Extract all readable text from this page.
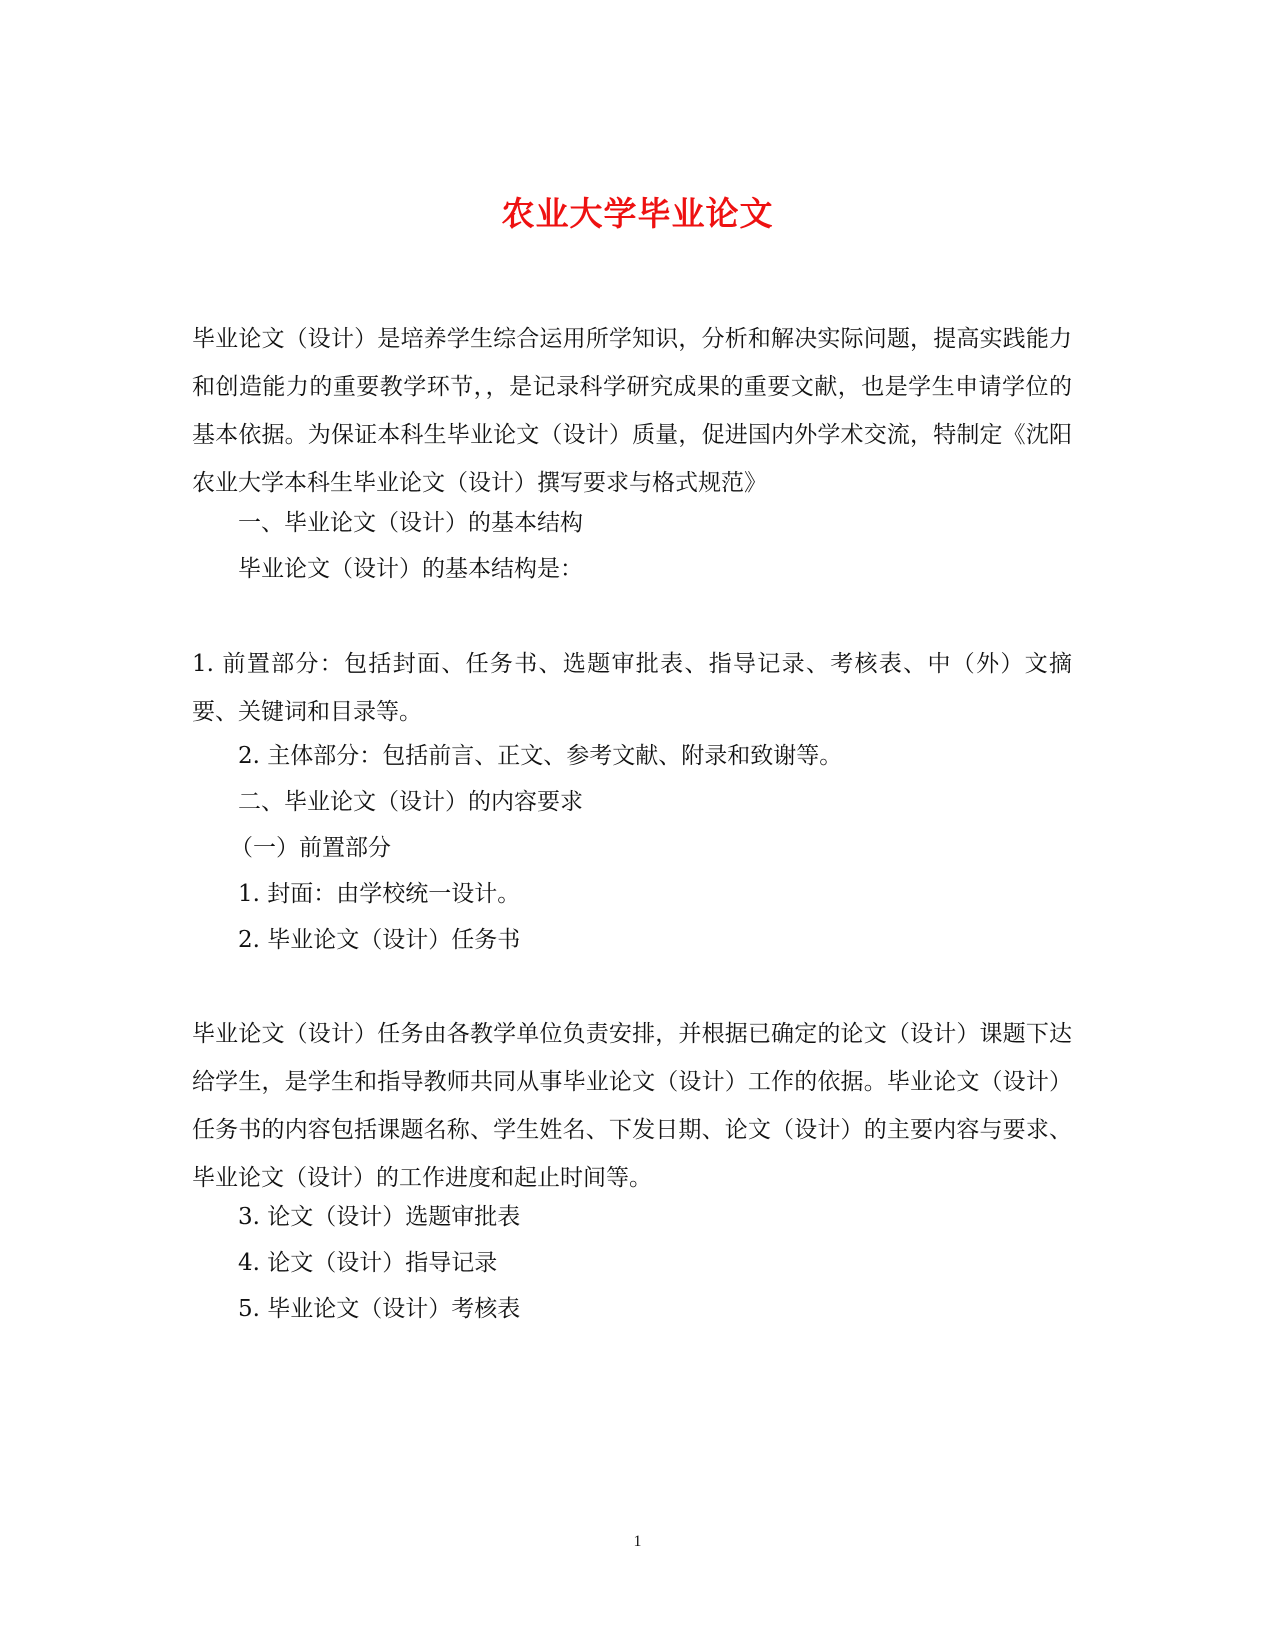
农业大学毕业论文

毕业论文（设计）是培养学生综合运用所学知识，分析和解决实际问题，提高实践能力和创造能力的重要教学环节，，是记录科学研究成果的重要文献，也是学生申请学位的基本依据。为保证本科生毕业论文（设计）质量，促进国内外学术交流，特制定《沈阳农业大学本科生毕业论文（设计）撰写要求与格式规范》

一、毕业论文（设计）的基本结构

毕业论文（设计）的基本结构是：

1. 前置部分：包括封面、任务书、选题审批表、指导记录、考核表、中（外）文摘要、关键词和目录等。

2. 主体部分：包括前言、正文、参考文献、附录和致谢等。

二、毕业论文（设计）的内容要求

（一）前置部分

1. 封面：由学校统一设计。

2. 毕业论文（设计）任务书

毕业论文（设计）任务由各教学单位负责安排，并根据已确定的论文（设计）课题下达给学生，是学生和指导教师共同从事毕业论文（设计）工作的依据。毕业论文（设计）任务书的内容包括课题名称、学生姓名、下发日期、论文（设计）的主要内容与要求、毕业论文（设计）的工作进度和起止时间等。

3. 论文（设计）选题审批表

4. 论文（设计）指导记录

5. 毕业论文（设计）考核表

1
